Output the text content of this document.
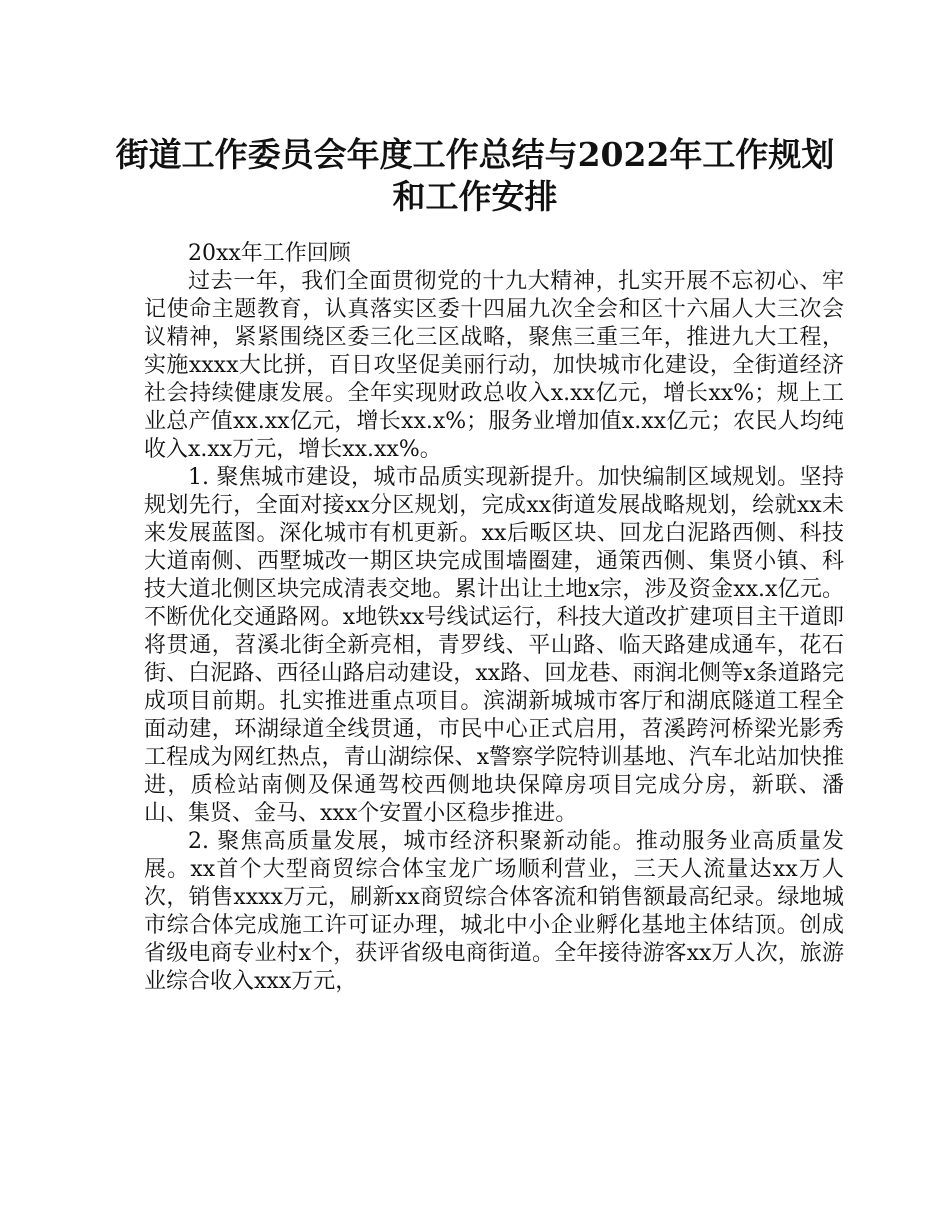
街道工作委员会年度工作总结与2022年工作规划和工作安排

20xx年工作回顾

过去一年，我们全面贯彻党的十九大精神，扎实开展不忘初心、牢记使命主题教育，认真落实区委十四届九次全会和区十六届人大三次会议精神，紧紧围绕区委三化三区战略，聚焦三重三年，推进九大工程，实施xxxx大比拼，百日攻坚促美丽行动，加快城市化建设，全街道经济社会持续健康发展。全年实现财政总收入x.xx亿元，增长xx%；规上工业总产值xx.xx亿元，增长xx.x%；服务业增加值x.xx亿元；农民人均纯收入x.xx万元，增长xx.xx%。

1. 聚焦城市建设，城市品质实现新提升。加快编制区域规划。坚持规划先行，全面对接xx分区规划，完成xx街道发展战略规划，绘就xx未来发展蓝图。深化城市有机更新。xx后畈区块、回龙白泥路西侧、科技大道南侧、西墅城改一期区块完成围墙圈建，通策西侧、集贤小镇、科技大道北侧区块完成清表交地。累计出让土地x宗，涉及资金xx.x亿元。不断优化交通路网。x地铁xx号线试运行，科技大道改扩建项目主干道即将贯通，苕溪北街全新亮相，青罗线、平山路、临天路建成通车，花石街、白泥路、西径山路启动建设，xx路、回龙巷、雨润北侧等x条道路完成项目前期。扎实推进重点项目。滨湖新城城市客厅和湖底隧道工程全面动建，环湖绿道全线贯通，市民中心正式启用，苕溪跨河桥梁光影秀工程成为网红热点，青山湖综保、x警察学院特训基地、汽车北站加快推进，质检站南侧及保通驾校西侧地块保障房项目完成分房，新联、潘山、集贤、金马、xxx个安置小区稳步推进。

2. 聚焦高质量发展，城市经济积聚新动能。推动服务业高质量发展。xx首个大型商贸综合体宝龙广场顺利营业，三天人流量达xx万人次，销售xxxx万元，刷新xx商贸综合体客流和销售额最高纪录。绿地城市综合体完成施工许可证办理，城北中小企业孵化基地主体结顶。创成省级电商专业村x个，获评省级电商街道。全年接待游客xx万人次，旅游业综合收入xxx万元，
